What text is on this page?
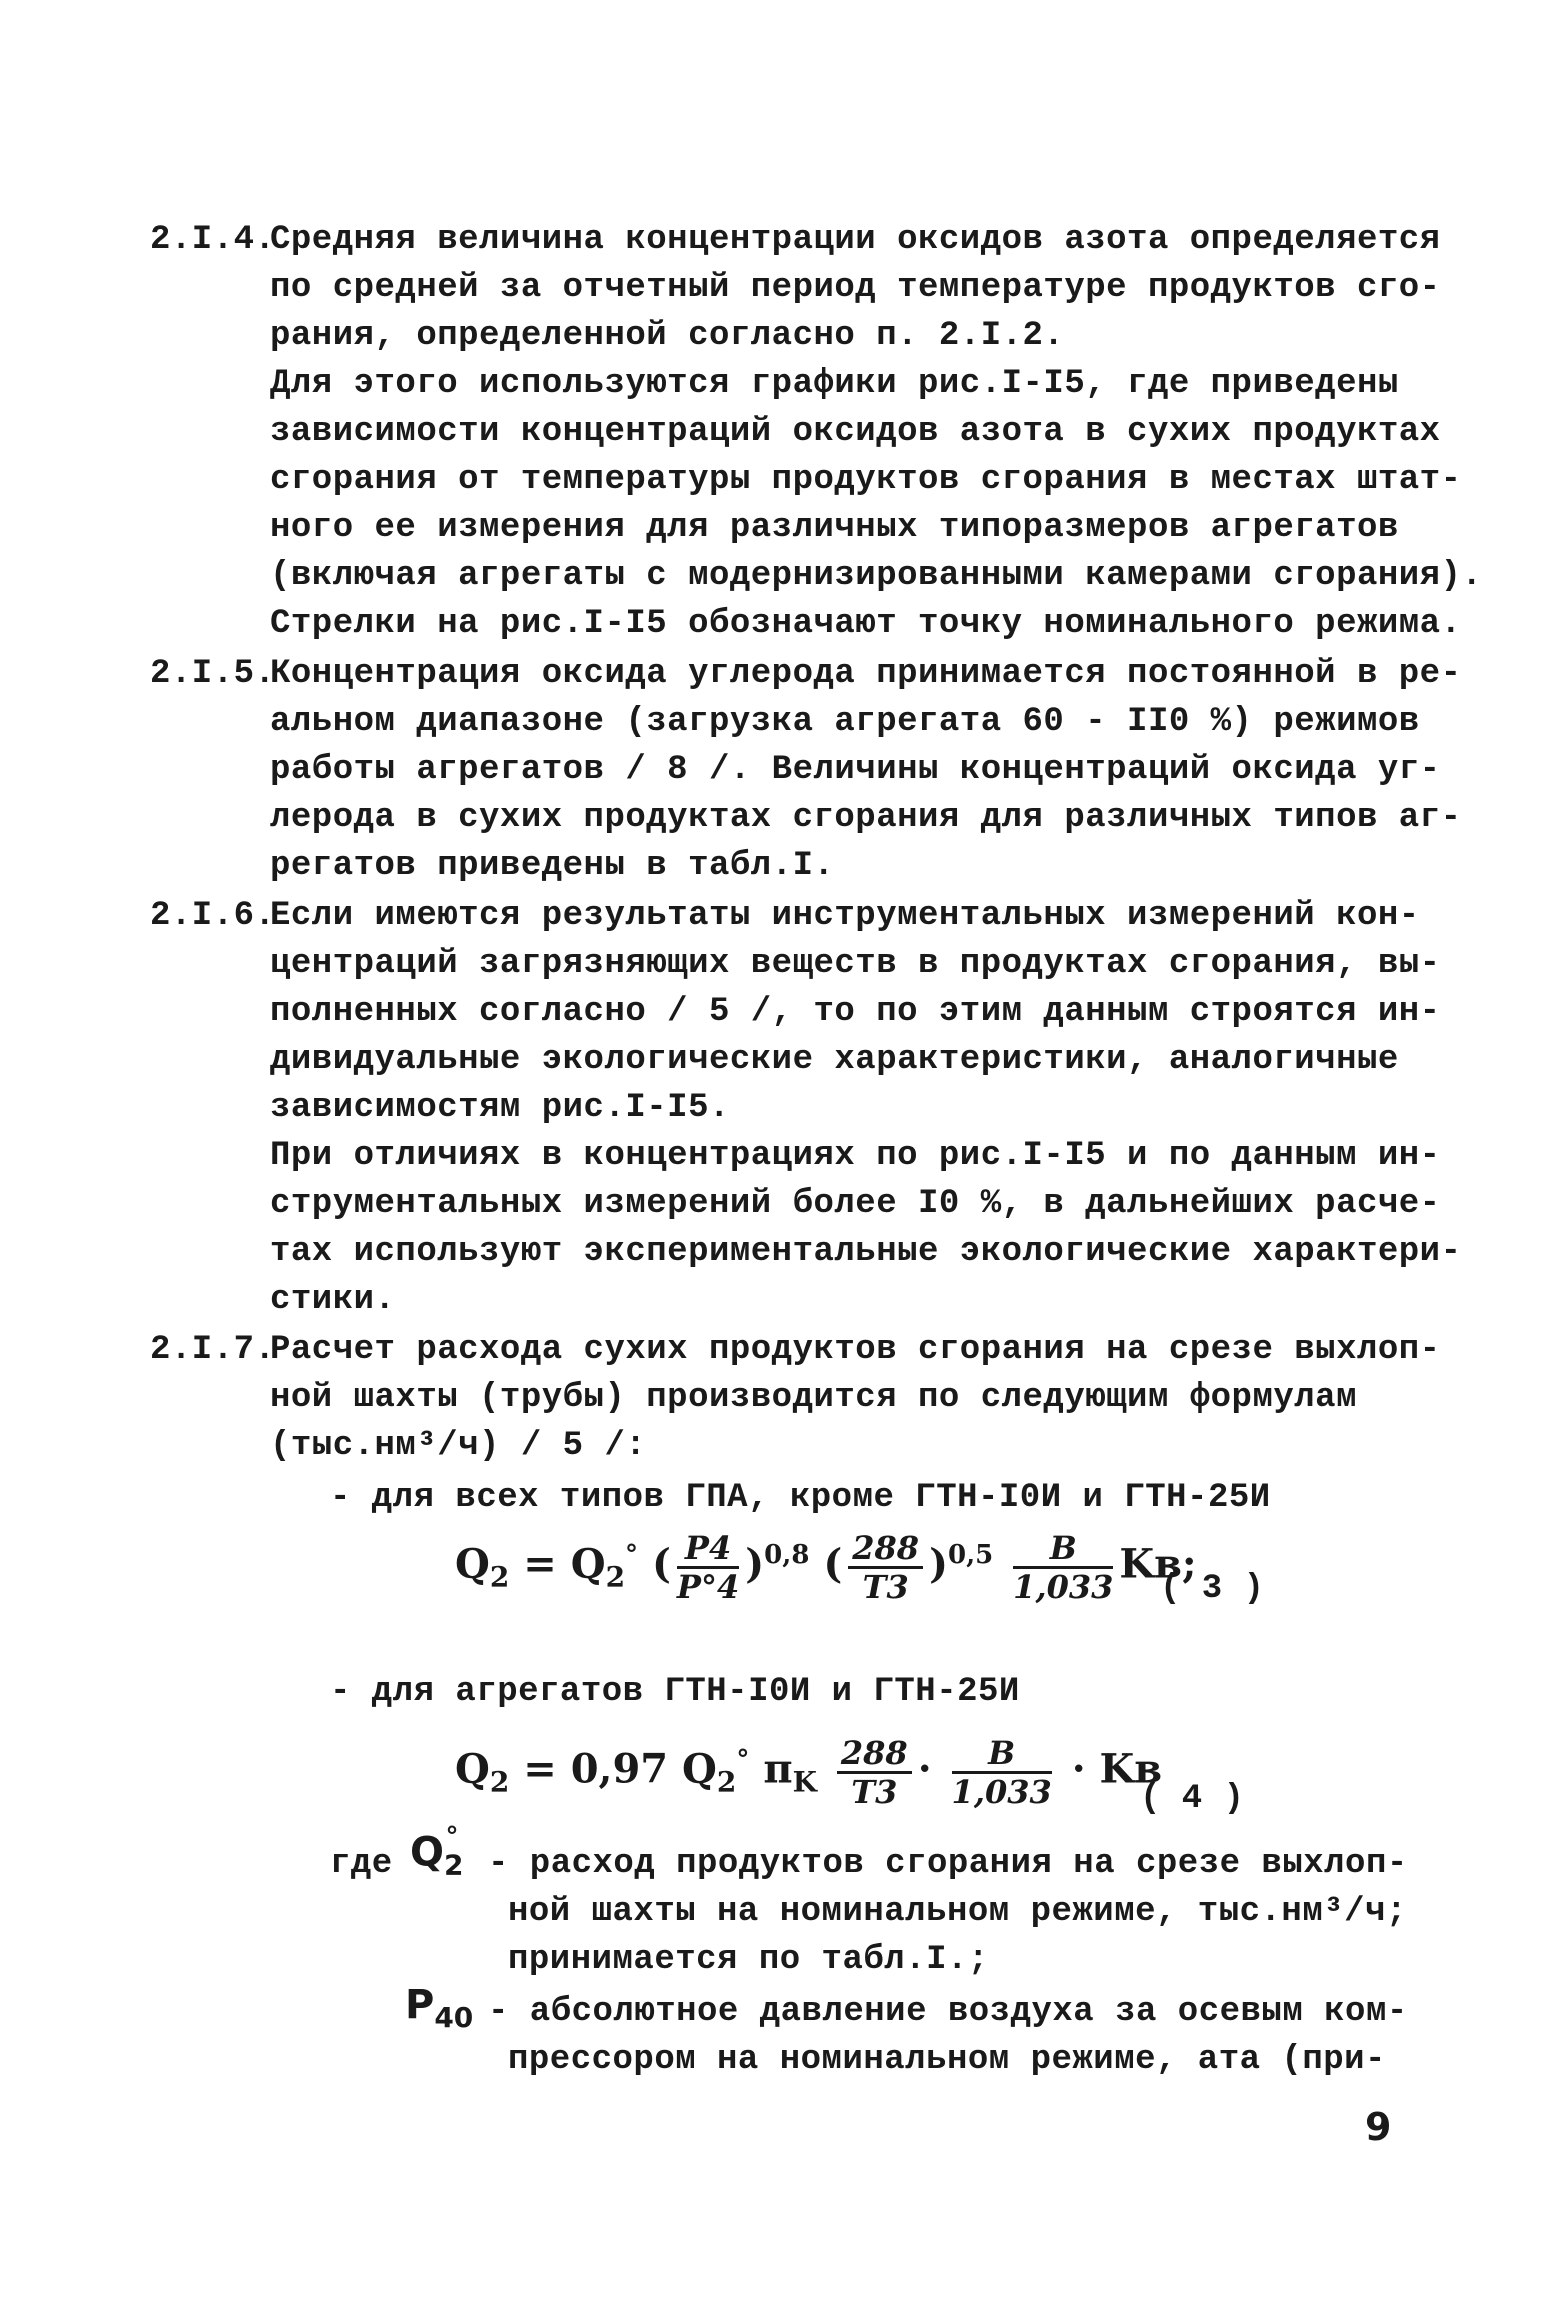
2.I.4.
Средняя величина концентрации оксидов азота определяется
по средней за отчетный период температуре продуктов сго-
рания, определенной согласно п. 2.I.2.
Для этого используются графики рис.I-I5, где приведены
зависимости концентраций оксидов азота в сухих продуктах
сгорания от температуры продуктов сгорания в местах штат-
ного ее измерения для различных типоразмеров агрегатов
(включая агрегаты с модернизированными камерами сгорания).
Стрелки на рис.I-I5 обозначают точку номинального режима.
2.I.5.
Концентрация оксида углерода принимается постоянной в ре-
альном диапазоне (загрузка агрегата 60 - II0 %) режимов
работы агрегатов / 8 /. Величины концентраций оксида уг-
лерода в сухих продуктах сгорания для различных типов аг-
регатов приведены в табл.I.
2.I.6.
Если имеются результаты инструментальных измерений кон-
центраций загрязняющих веществ в продуктах сгорания, вы-
полненных согласно / 5 /, то по этим данным строятся ин-
дивидуальные экологические характеристики, аналогичные
зависимостям рис.I-I5.
При отличиях в концентрациях по рис.I-I5 и по данным ин-
струментальных измерений более I0 %, в дальнейших расче-
тах используют экспериментальные экологические характери-
стики.
2.I.7.
Расчет расхода сухих продуктов сгорания на срезе выхлоп-
ной шахты (трубы) производится по следующим формулам
(тыс.нм³/ч) / 5 /:
- для всех типов ГПА, кроме ГТН-I0И и ГТН-25И
$Q_2 = Q_2^\circ$ ( $\frac{P4}{P^\circ 4} )^{0,8}$ ( $\frac{288}{T3} )^{0,5} \frac{B}{1,033}$ Kв;
( 3 )
- для агрегатов ГТН-I0И и ГТН-25И
$Q_2 = 0,97$ $Q_2^\circ$ $\pi_K \frac{288}{T3} \cdot \frac{B}{1,033}$ · Kв
( 4 )
где $Q_2^\circ$
- расход продуктов сгорания на срезе выхлоп-
ной шахты на номинальном режиме, тыс.нм³/ч;
принимается по табл.I.;
$P_{40}$ - абсолютное давление воздуха за осевым ком-
прессором на номинальном режиме, ата (при-
9
